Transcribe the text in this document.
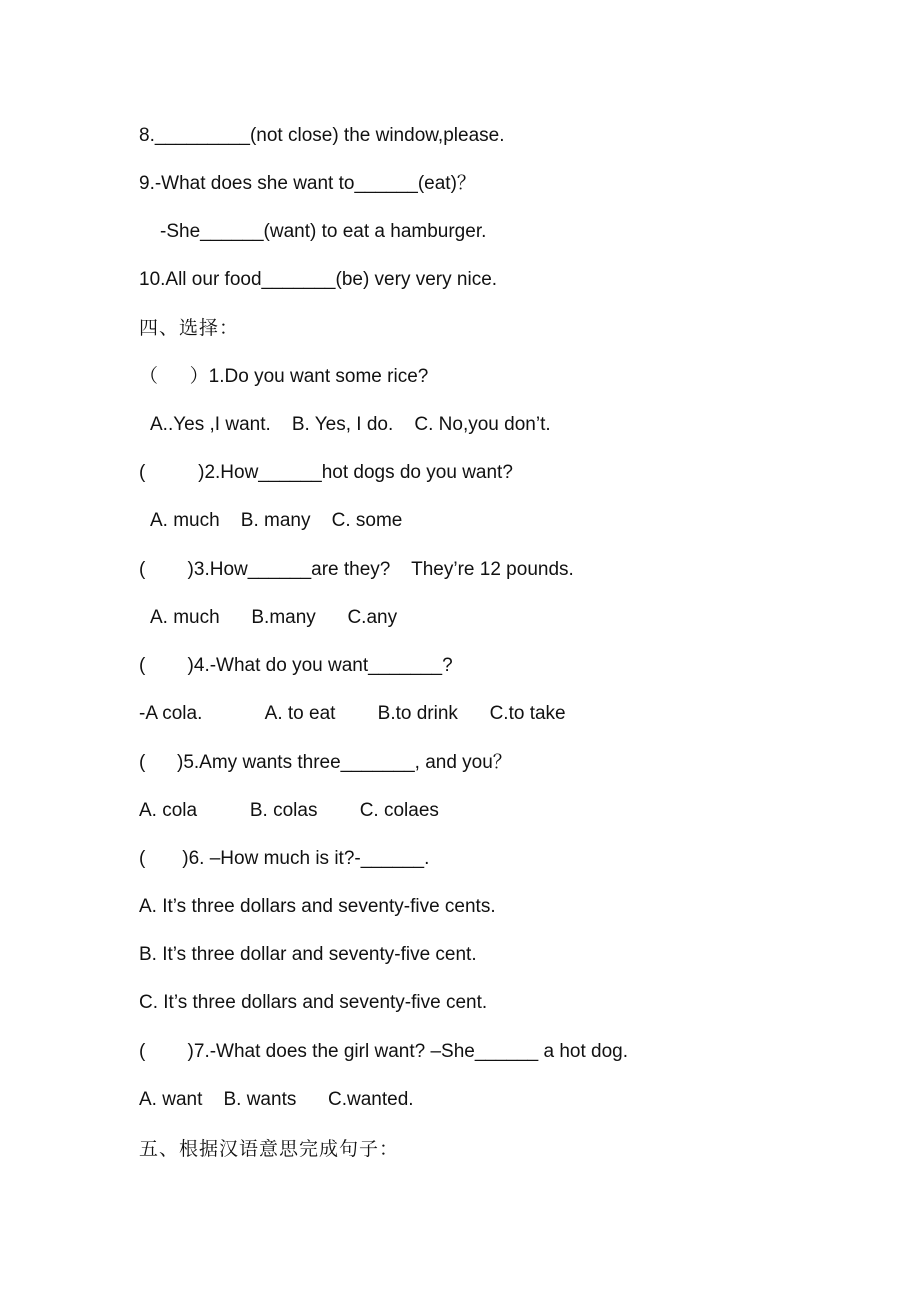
8._________(not close) the window,please.
9.-What does she want to______(eat)？
-She______(want) to eat a hamburger.
10.All our food_______(be) very very nice.
四、选择：
（      ）1.Do you want some rice?
A..Yes ,I want.    B. Yes, I do.    C. No,you don’t.
(          )2.How______hot dogs do you want?
A. much    B. many    C. some
(        )3.How______are they?    They’re 12 pounds.
A. much      B.many      C.any
(        )4.-What do you want_______?
-A cola.            A. to eat        B.to drink      C.to take
(      )5.Amy wants three_______, and you？
A. cola          B. colas        C. colaes
(       )6. –How much is it?-______.
A. It’s three dollars and seventy-five cents.
B. It’s three dollar and seventy-five cent.
C. It’s three dollars and seventy-five cent.
(        )7.-What does the girl want? –She______ a hot dog.
A. want    B. wants      C.wanted.
五、根据汉语意思完成句子：
